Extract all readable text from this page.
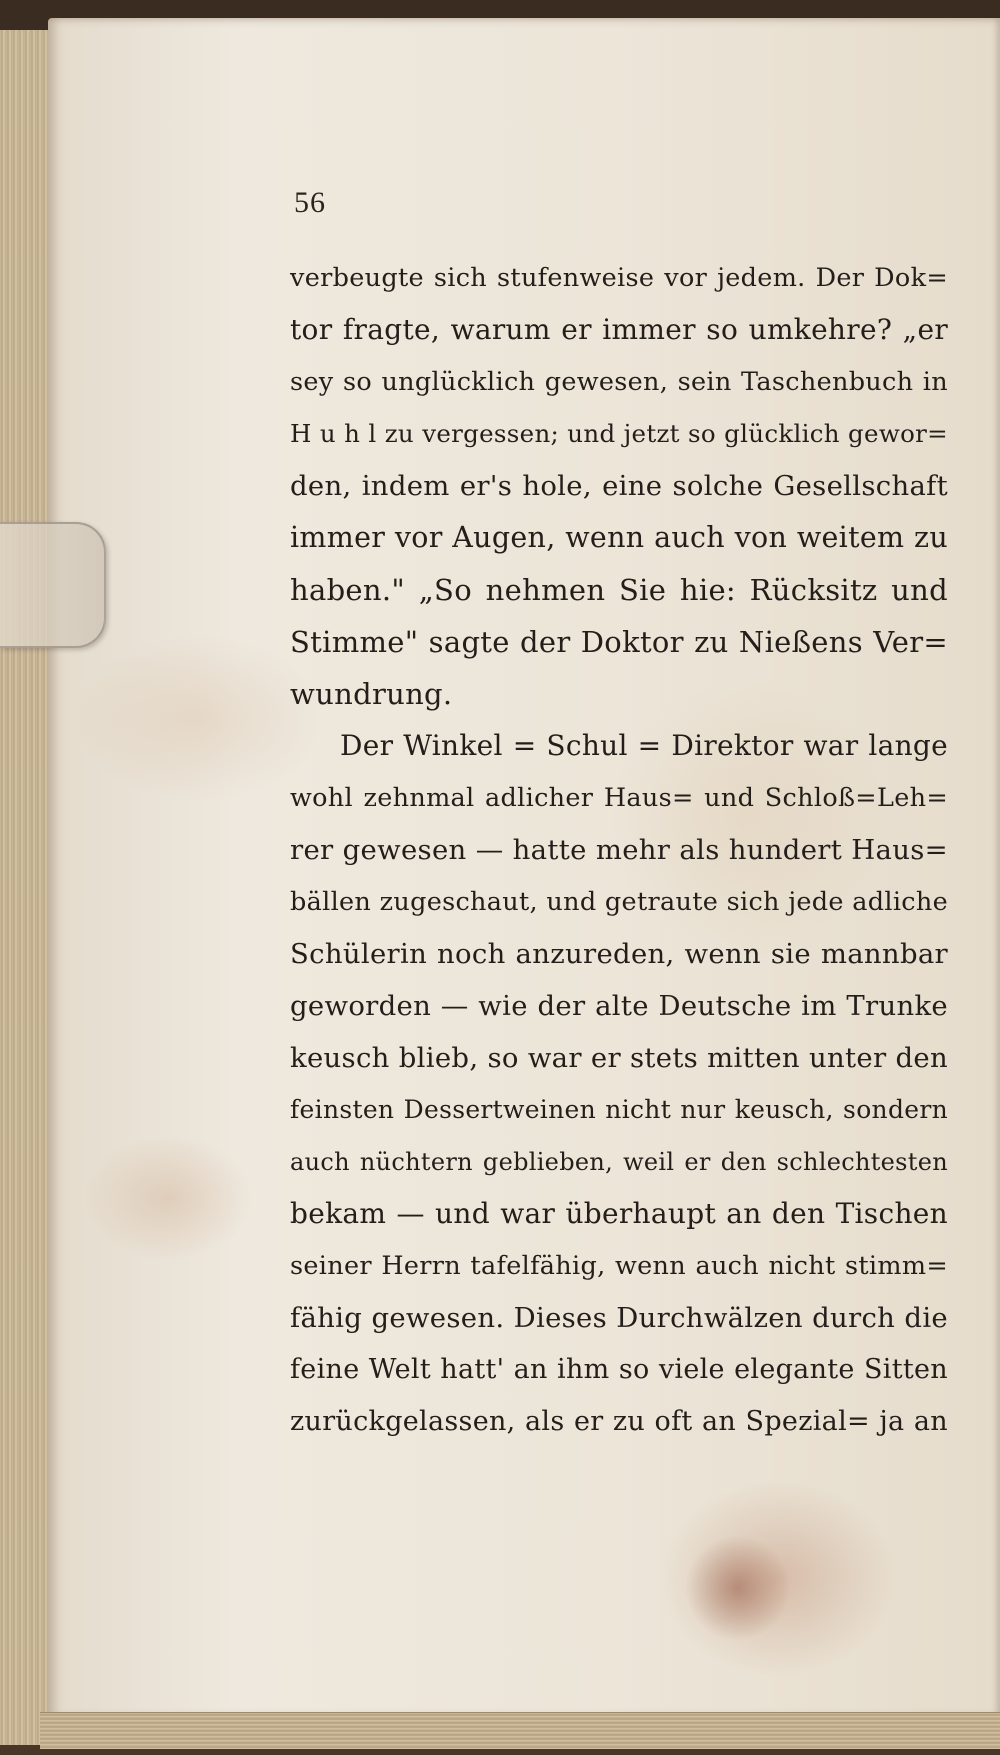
56
verbeugte sich stufenweise vor jedem. Der Dok=
tor fragte, warum er immer so umkehre? „er
sey so unglücklich gewesen, sein Taschenbuch in
H u h l zu vergessen; und jetzt so glücklich gewor=
den, indem er's hole, eine solche Gesellschaft
immer vor Augen, wenn auch von weitem zu
haben." „So nehmen Sie hie: Rücksitz und
Stimme" sagte der Doktor zu Nießens Ver=
wundrung.
Der Winkel = Schul = Direktor war lange
wohl zehnmal adlicher Haus= und Schloß=Leh=
rer gewesen — hatte mehr als hundert Haus=
bällen zugeschaut, und getraute sich jede adliche
Schülerin noch anzureden, wenn sie mannbar
geworden — wie der alte Deutsche im Trunke
keusch blieb, so war er stets mitten unter den
feinsten Dessertweinen nicht nur keusch, sondern
auch nüchtern geblieben, weil er den schlechtesten
bekam — und war überhaupt an den Tischen
seiner Herrn tafelfähig, wenn auch nicht stimm=
fähig gewesen. Dieses Durchwälzen durch die
feine Welt hatt' an ihm so viele elegante Sitten
zurückgelassen, als er zu oft an Spezial= ja an
